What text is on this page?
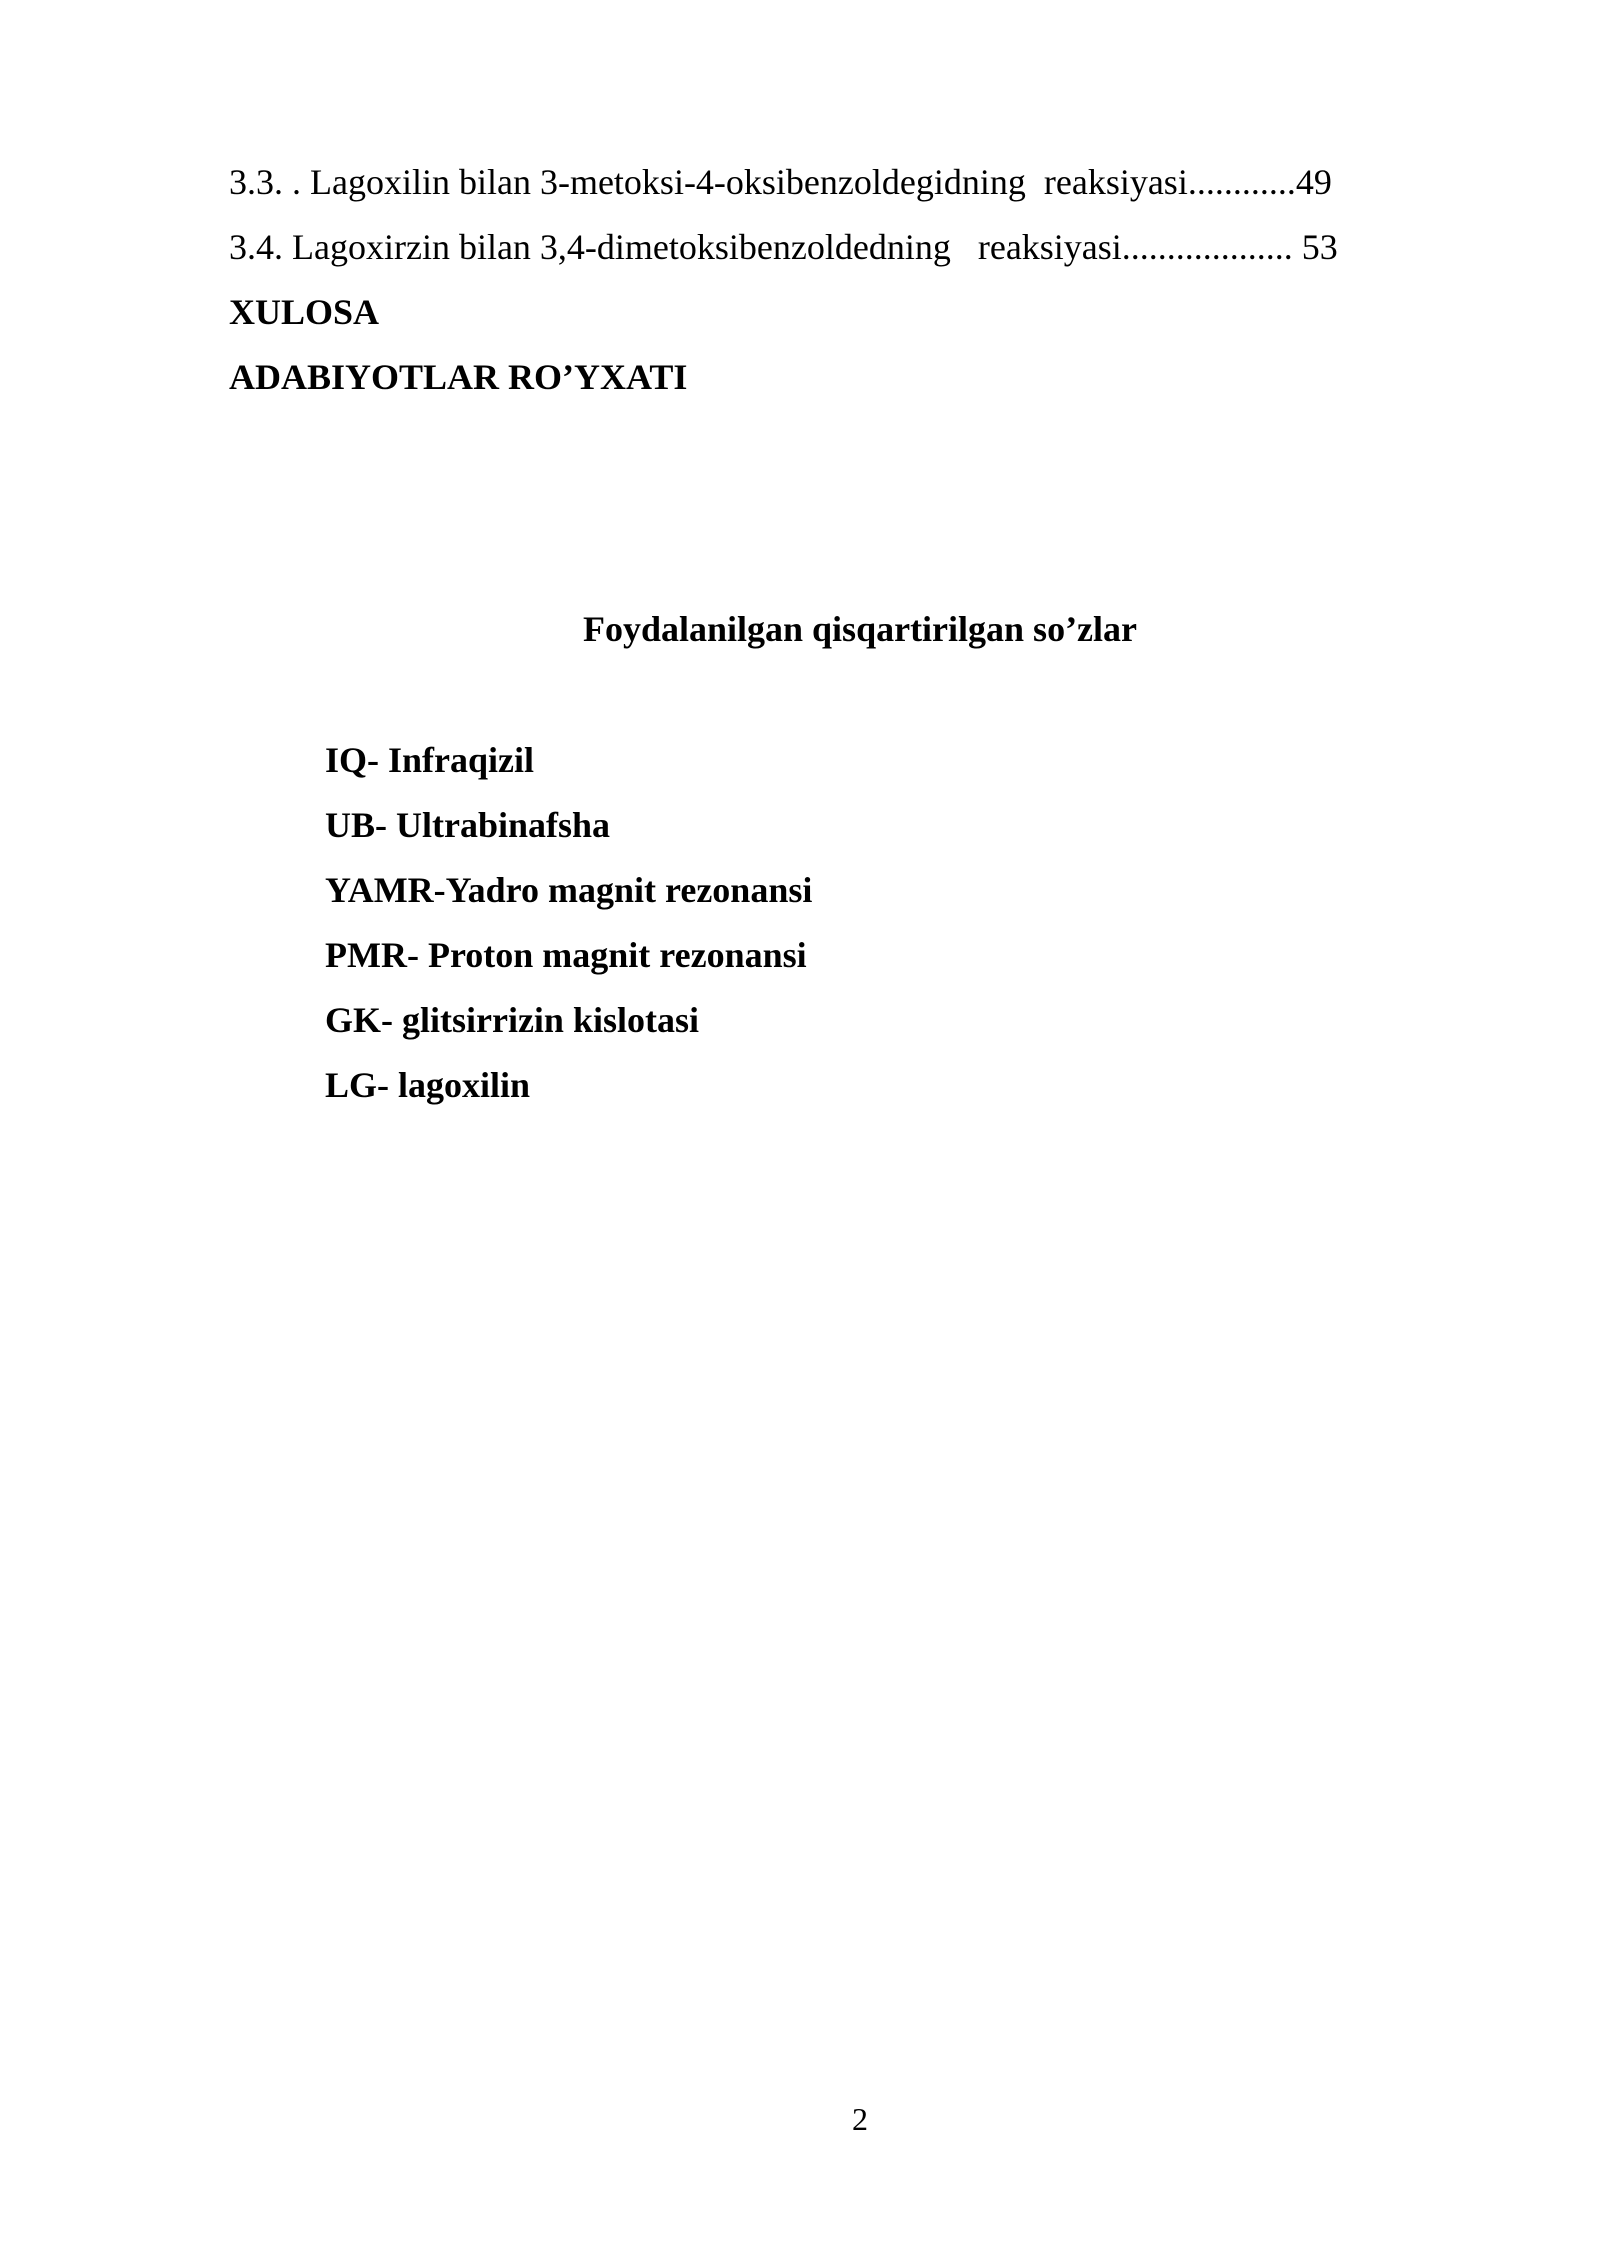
3.3. . Lagoxilin bilan 3-metoksi-4-oksibenzoldegidning  reaksiyasi............49
3.4. Lagoxirzin bilan 3,4-dimetoksibenzoldedning   reaksiyasi................... 53
XULOSA
ADABIYOTLAR RO’YXATI
Foydalanilgan qisqartirilgan so’zlar
IQ- Infraqizil
UB- Ultrabinafsha
YAMR-Yadro magnit rezonansi
PMR- Proton magnit rezonansi
GK- glitsirrizin kislotasi
LG- lagoxilin
2
